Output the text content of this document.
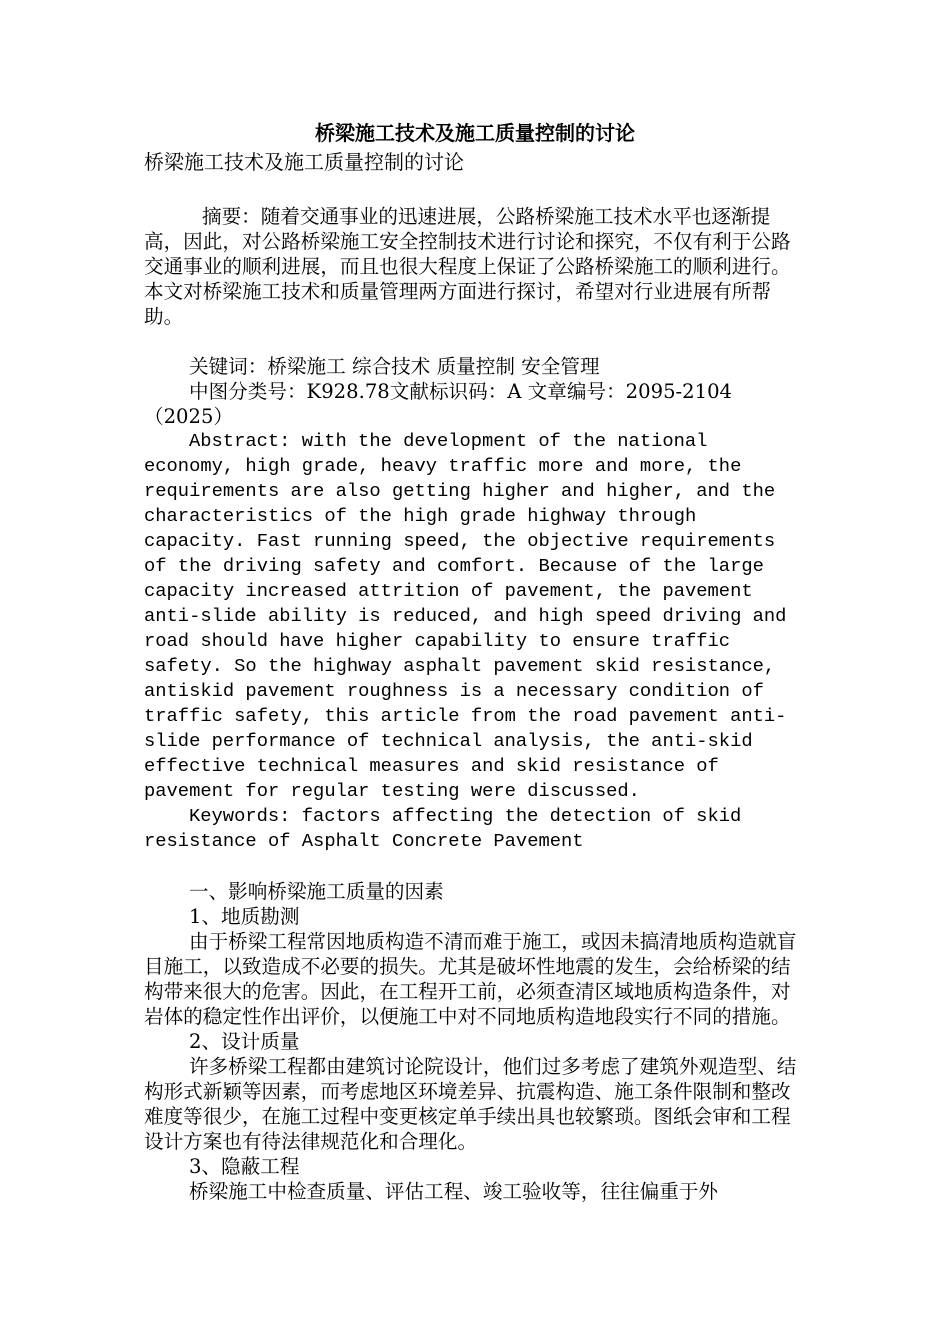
桥梁施工技术及施工质量控制的讨论

桥梁施工技术及施工质量控制的讨论

摘要：随着交通事业的迅速进展，公路桥梁施工技术水平也逐渐提高，因此，对公路桥梁施工安全控制技术进行讨论和探究，不仅有利于公路交通事业的顺利进展，而且也很大程度上保证了公路桥梁施工的顺利进行。本文对桥梁施工技术和质量管理两方面进行探讨，希望对行业进展有所帮助。

关键词：桥梁施工 综合技术 质量控制 安全管理

中图分类号：K928.78文献标识码：A 文章编号：2095-2104（2025）

Abstract: with the development of the national economy, high grade, heavy traffic more and more, the requirements are also getting higher and higher, and the characteristics of the high grade highway through capacity. Fast running speed, the objective requirements of the driving safety and comfort. Because of the large capacity increased attrition of pavement, the pavement anti-slide ability is reduced, and high speed driving and road should have higher capability to ensure traffic safety. So the highway asphalt pavement skid resistance, antiskid pavement roughness is a necessary condition of traffic safety, this article from the road pavement anti-slide performance of technical analysis, the anti-skid effective technical measures and skid resistance of pavement for regular testing were discussed.

Keywords: factors affecting the detection of skid resistance of Asphalt Concrete Pavement

一、影响桥梁施工质量的因素

1、地质勘测

由于桥梁工程常因地质构造不清而难于施工，或因未搞清地质构造就盲目施工，以致造成不必要的损失。尤其是破坏性地震的发生，会给桥梁的结构带来很大的危害。因此，在工程开工前，必须查清区域地质构造条件，对岩体的稳定性作出评价，以便施工中对不同地质构造地段实行不同的措施。

2、设计质量

许多桥梁工程都由建筑讨论院设计，他们过多考虑了建筑外观造型、结构形式新颖等因素，而考虑地区环境差异、抗震构造、施工条件限制和整改难度等很少，在施工过程中变更核定单手续出具也较繁琐。图纸会审和工程设计方案也有待法律规范化和合理化。

3、隐蔽工程

桥梁施工中检查质量、评估工程、竣工验收等，往往偏重于外
